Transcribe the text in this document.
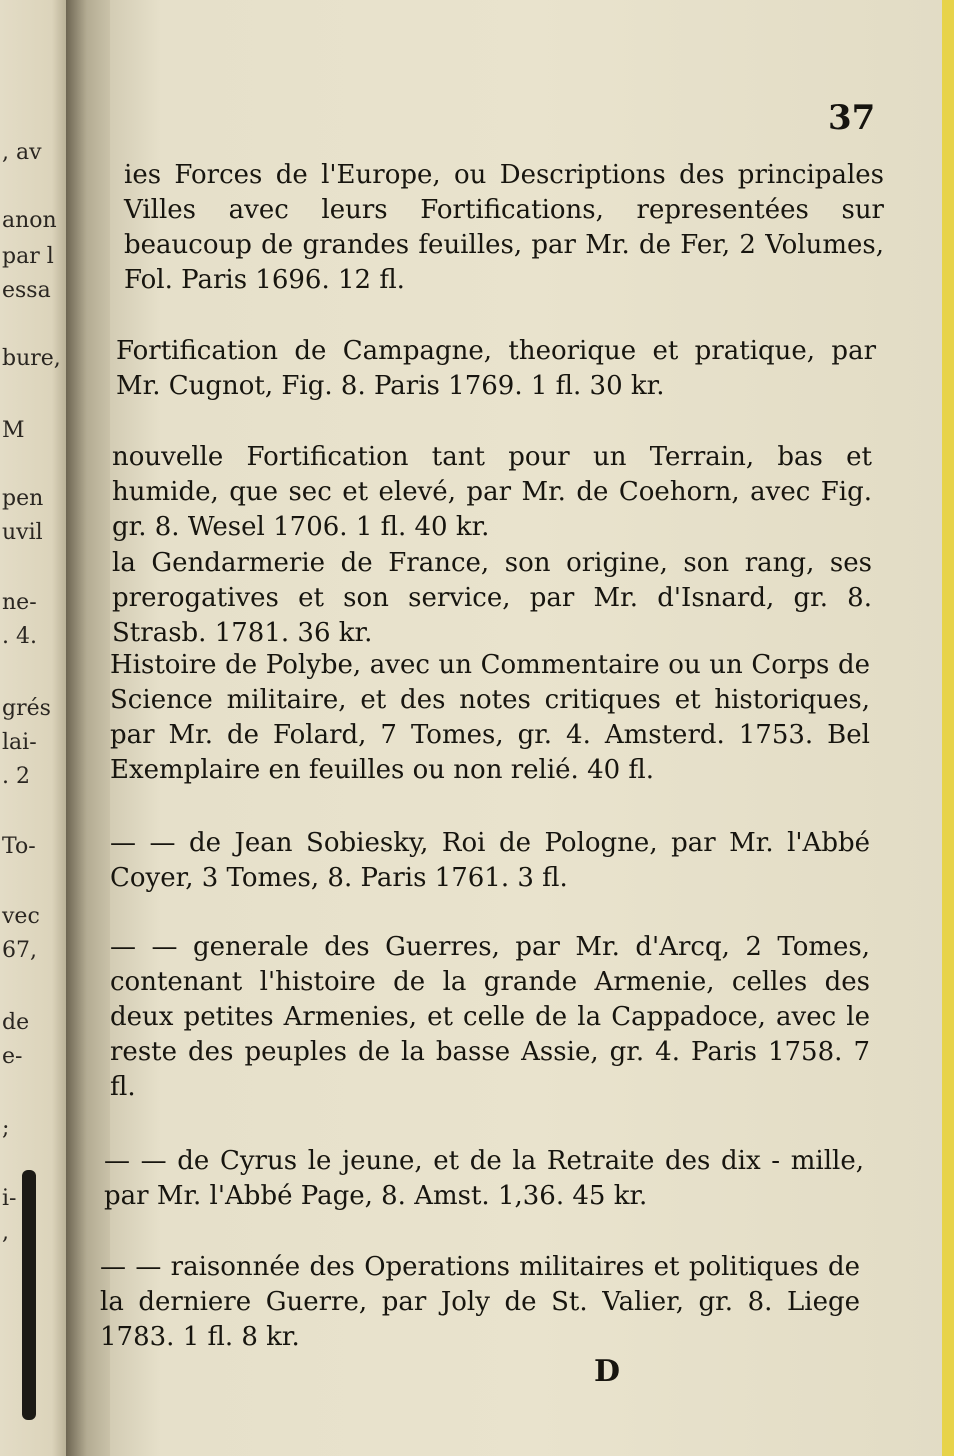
, av
anon
par l
essa
bure,
M
pen
uvil
ne-
. 4.
grés
lai-
. 2
To-
vec
67,
de
e-
;
i-
,
37
ies Forces de l'Europe, ou Descriptions des principales Villes avec leurs Fortifications, representées sur beaucoup de grandes feuilles, par Mr. de Fer, 2 Volumes, Fol. Paris 1696. 12 fl.
Fortification de Campagne, theorique et pratique, par Mr. Cugnot, Fig. 8. Paris 1769. 1 fl. 30 kr.
nouvelle Fortification tant pour un Terrain, bas et humide, que sec et elevé, par Mr. de Coehorn, avec Fig. gr. 8. Wesel 1706. 1 fl. 40 kr.
la Gendarmerie de France, son origine, son rang, ses prerogatives et son service, par Mr. d'Isnard, gr. 8. Strasb. 1781. 36 kr.
Histoire de Polybe, avec un Commentaire ou un Corps de Science militaire, et des notes critiques et historiques, par Mr. de Folard, 7 Tomes, gr. 4. Amsterd. 1753. Bel Exemplaire en feuilles ou non relié. 40 fl.
— — de Jean Sobiesky, Roi de Pologne, par Mr. l'Abbé Coyer, 3 Tomes, 8. Paris 1761. 3 fl.
— — generale des Guerres, par Mr. d'Arcq, 2 Tomes, contenant l'histoire de la grande Armenie, celles des deux petites Armenies, et celle de la Cappadoce, avec le reste des peuples de la basse Assie, gr. 4. Paris 1758. 7 fl.
— — de Cyrus le jeune, et de la Retraite des dix - mille, par Mr. l'Abbé Page, 8. Amst. 1,36. 45 kr.
— — raisonnée des Operations militaires et politiques de la derniere Guerre, par Joly de St. Valier, gr. 8. Liege 1783. 1 fl. 8 kr.
D
